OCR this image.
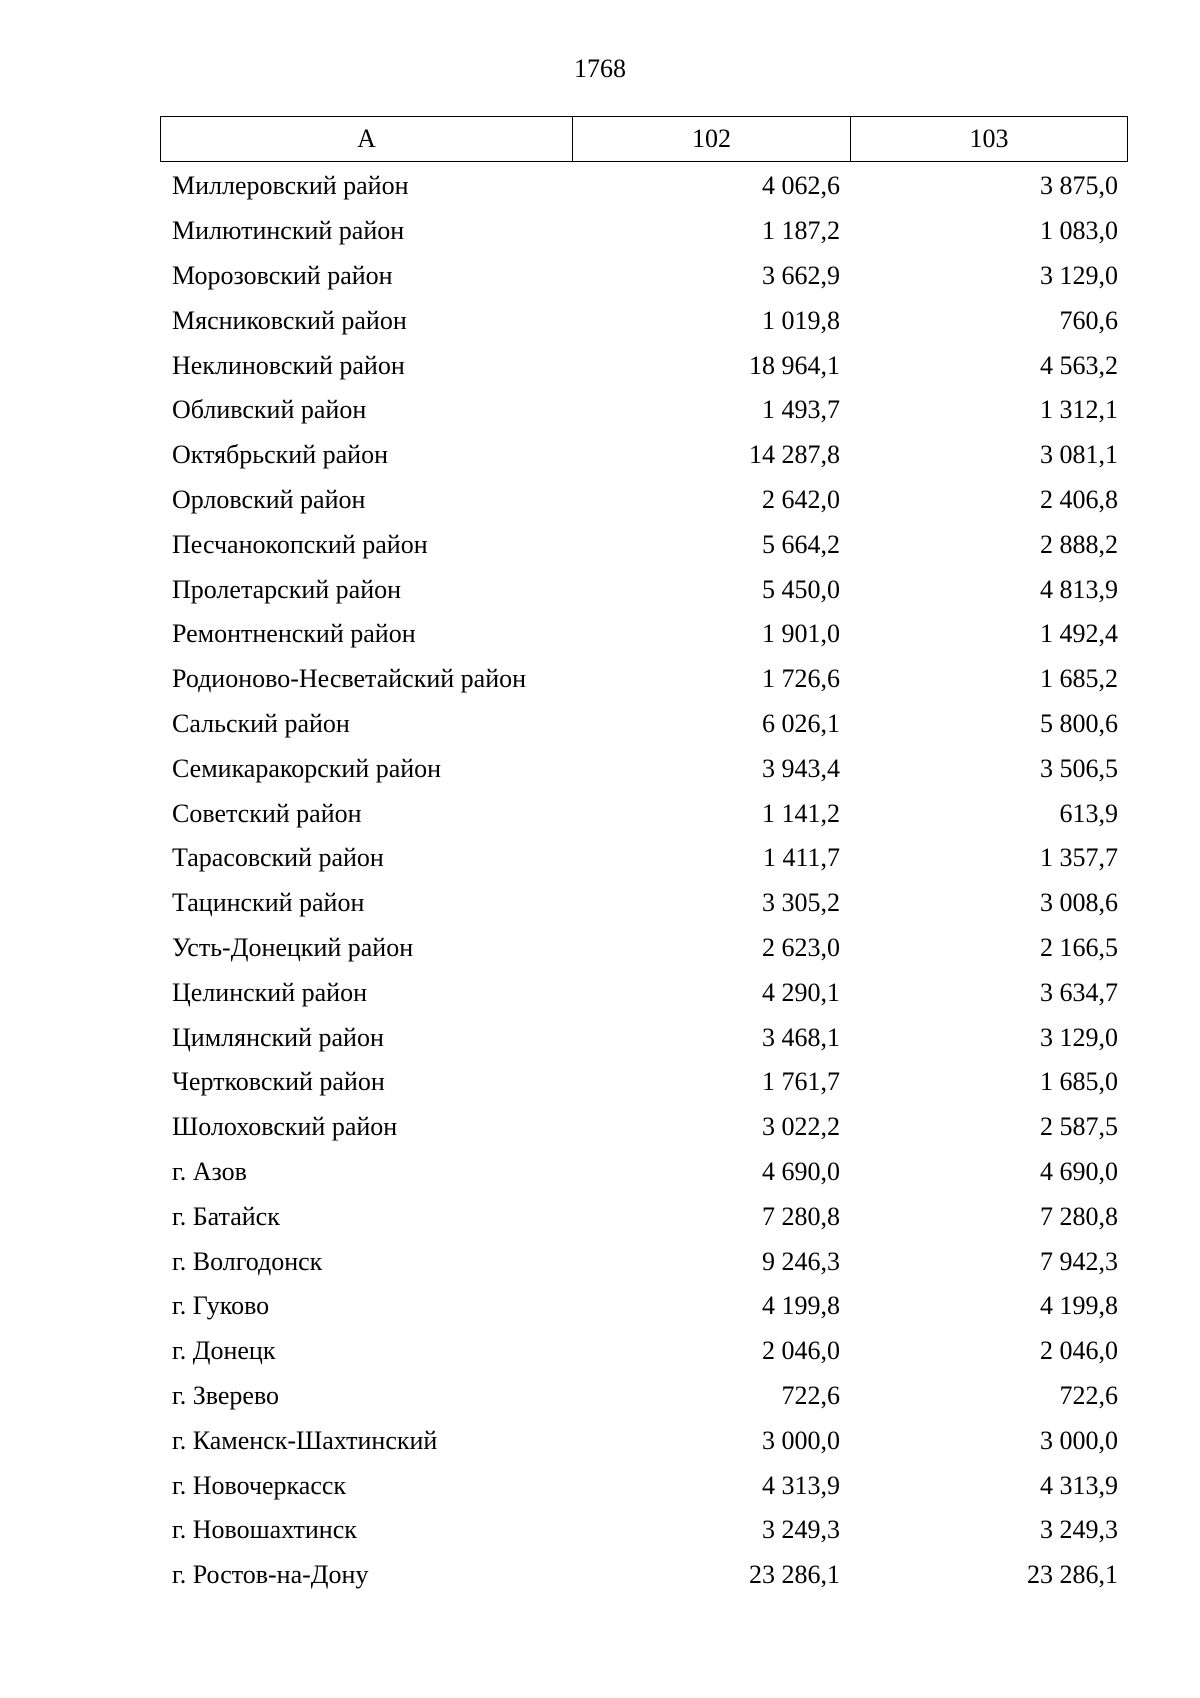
1768
А	102	103
Миллеровский район	4 062,6	3 875,0
Милютинский район	1 187,2	1 083,0
Морозовский район	3 662,9	3 129,0
Мясниковский район	1 019,8	760,6
Неклиновский район	18 964,1	4 563,2
Обливский район	1 493,7	1 312,1
Октябрьский район	14 287,8	3 081,1
Орловский район	2 642,0	2 406,8
Песчанокопский район	5 664,2	2 888,2
Пролетарский район	5 450,0	4 813,9
Ремонтненский район	1 901,0	1 492,4
Родионово-Несветайский район	1 726,6	1 685,2
Сальский район	6 026,1	5 800,6
Семикаракорский район	3 943,4	3 506,5
Советский район	1 141,2	613,9
Тарасовский район	1 411,7	1 357,7
Тацинский район	3 305,2	3 008,6
Усть-Донецкий район	2 623,0	2 166,5
Целинский район	4 290,1	3 634,7
Цимлянский район	3 468,1	3 129,0
Чертковский район	1 761,7	1 685,0
Шолоховский район	3 022,2	2 587,5
г. Азов	4 690,0	4 690,0
г. Батайск	7 280,8	7 280,8
г. Волгодонск	9 246,3	7 942,3
г. Гуково	4 199,8	4 199,8
г. Донецк	2 046,0	2 046,0
г. Зверево	722,6	722,6
г. Каменск-Шахтинский	3 000,0	3 000,0
г. Новочеркасск	4 313,9	4 313,9
г. Новошахтинск	3 249,3	3 249,3
г. Ростов-на-Дону	23 286,1	23 286,1
